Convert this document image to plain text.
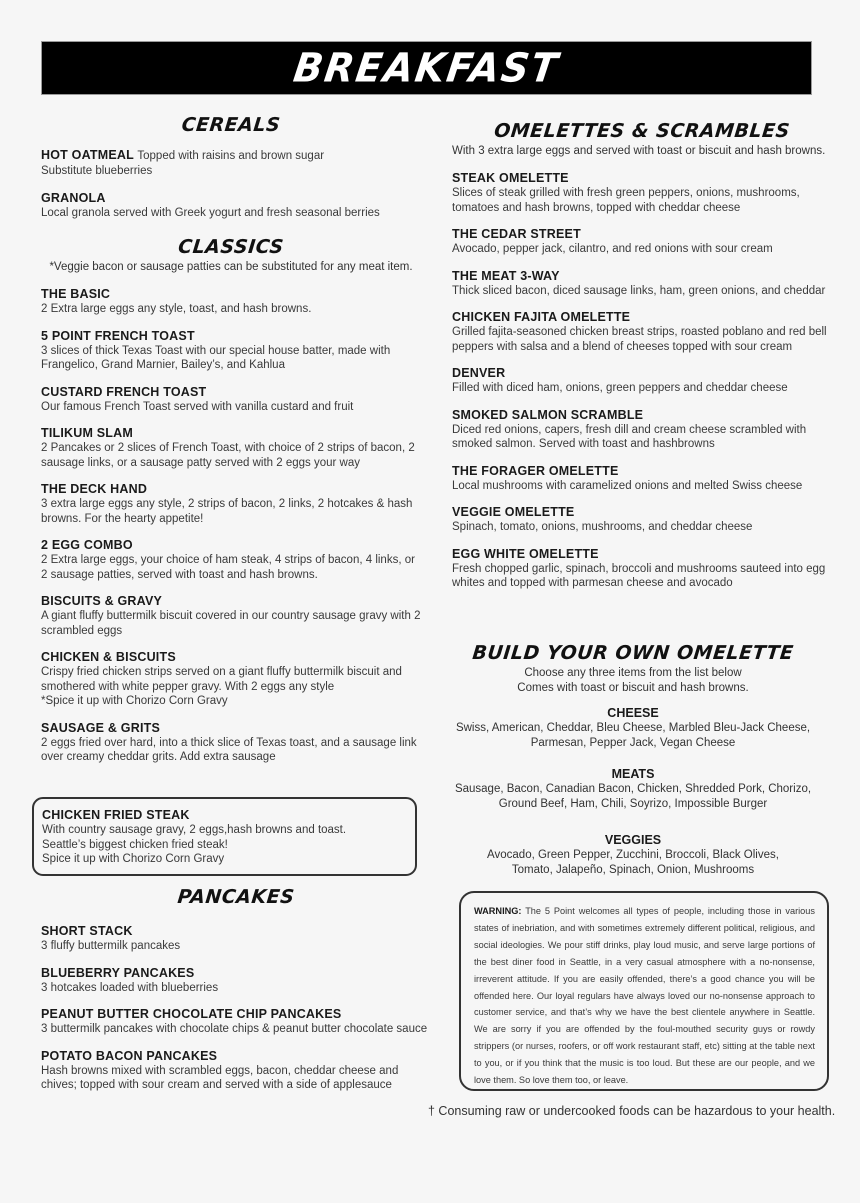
BREAKFAST
CEREALS
HOT OATMEAL Topped with raisins and brown sugar
Substitute blueberries
GRANOLA
Local granola served with Greek yogurt and fresh seasonal berries
CLASSICS
*Veggie bacon or sausage patties can be substituted for any meat item.
THE BASIC
2 Extra large eggs any style, toast, and hash browns.
5 POINT FRENCH TOAST
3 slices of thick Texas Toast with our special house batter, made with Frangelico, Grand Marnier, Bailey’s, and Kahlua
CUSTARD FRENCH TOAST
Our famous French Toast served with vanilla custard and fruit
TILIKUM SLAM
2 Pancakes or 2 slices of French Toast, with choice of 2 strips of bacon, 2 sausage links, or a sausage patty served with 2 eggs your way
THE DECK HAND
3 extra large eggs any style, 2 strips of bacon, 2 links, 2 hotcakes & hash browns. For the hearty appetite!
2 EGG COMBO
2 Extra large eggs, your choice of ham steak, 4 strips of bacon, 4 links, or 2 sausage patties, served with toast and hash browns.
BISCUITS & GRAVY
A giant fluffy buttermilk biscuit covered in our country sausage gravy with 2 scrambled eggs
CHICKEN & BISCUITS
Crispy fried chicken strips served on a giant fluffy buttermilk biscuit and smothered with white pepper gravy. With 2 eggs any style
*Spice it up with Chorizo Corn Gravy
SAUSAGE & GRITS
2 eggs fried over hard, into a thick slice of Texas toast, and a sausage link over creamy cheddar grits. Add extra sausage
CHICKEN FRIED STEAK
With country sausage gravy, 2 eggs,hash browns and toast.
Seattle’s biggest chicken fried steak!
Spice it up with Chorizo Corn Gravy
PANCAKES
SHORT STACK
3 fluffy buttermilk pancakes
BLUEBERRY PANCAKES
3 hotcakes loaded with blueberries
PEANUT BUTTER CHOCOLATE CHIP PANCAKES
3 buttermilk pancakes with chocolate chips & peanut butter chocolate sauce
POTATO BACON PANCAKES
Hash browns mixed with scrambled eggs, bacon, cheddar cheese and chives; topped with sour cream and served with a side of applesauce
OMELETTES & SCRAMBLES
With 3 extra large eggs and served with toast or biscuit and hash browns.
STEAK OMELETTE
Slices of steak grilled with fresh green peppers, onions, mushrooms, tomatoes and hash browns, topped with cheddar cheese
THE CEDAR STREET
Avocado, pepper jack, cilantro, and red onions with sour cream
THE MEAT 3-WAY
Thick sliced bacon, diced sausage links, ham, green onions, and cheddar
CHICKEN FAJITA OMELETTE
Grilled fajita-seasoned chicken breast strips, roasted poblano and red bell peppers with salsa and a blend of cheeses topped with sour cream
DENVER
Filled with diced ham, onions, green peppers and cheddar cheese
SMOKED SALMON SCRAMBLE
Diced red onions, capers, fresh dill and cream cheese scrambled with smoked salmon. Served with toast and hashbrowns
THE FORAGER OMELETTE
Local mushrooms with caramelized onions and melted Swiss cheese
VEGGIE OMELETTE
Spinach, tomato, onions, mushrooms, and cheddar cheese
EGG WHITE OMELETTE
Fresh chopped garlic, spinach, broccoli and mushrooms sauteed into egg whites and topped with parmesan cheese and avocado
BUILD YOUR OWN OMELETTE
Choose any three items from the list below
Comes with toast or biscuit and hash browns.
CHEESE
Swiss, American, Cheddar, Bleu Cheese, Marbled Bleu-Jack Cheese, Parmesan, Pepper Jack, Vegan Cheese
MEATS
Sausage, Bacon, Canadian Bacon, Chicken, Shredded Pork, Chorizo, Ground Beef, Ham, Chili, Soyrizo, Impossible Burger
VEGGIES
Avocado, Green Pepper, Zucchini, Broccoli, Black Olives, Tomato, Jalapeño, Spinach, Onion, Mushrooms
WARNING: The 5 Point welcomes all types of people, including those in various states of inebriation, and with sometimes extremely different political, religious, and social ideologies. We pour stiff drinks, play loud music, and serve large portions of the best diner food in Seattle, in a very casual atmosphere with a no-nonsense, irreverent attitude. If you are easily offended, there’s a good chance you will be offended here. Our loyal regulars have always loved our no-nonsense approach to customer service, and that’s why we have the best clientele anywhere in Seattle. We are sorry if you are offended by the foul-mouthed security guys or rowdy strippers (or nurses, roofers, or off work restaurant staff, etc) sitting at the table next to you, or if you think that the music is too loud. But these are our people, and we love them. So love them too, or leave.
† Consuming raw or undercooked foods can be hazardous to your health.
